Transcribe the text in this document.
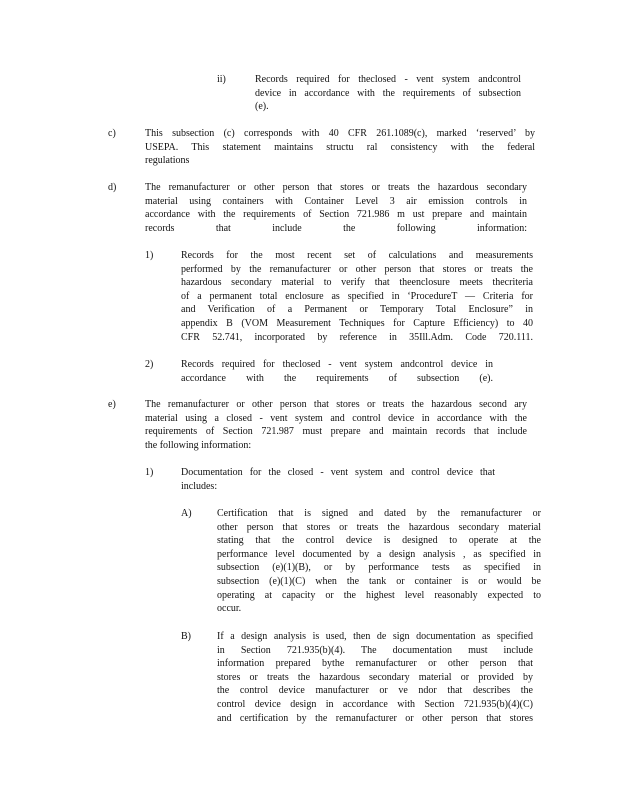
ii)	Records required for theclosed - vent system andcontrol
device in accordance with the requirements of subsection
(e).
c)	This subsection (c) corresponds with 40 CFR 261.1089(c), marked ‘reserved’ by
USEPA. This statement maintains structu ral consistency with the federal
regulations
d)	The remanufacturer or other person that stores or treats the hazardous secondary
material using containers with Container Level 3 air emission controls in
accordance with the requirements of Section 721.986 m ust prepare and maintain
records that include the following information:
1)	Records for the most recent set of calculations and measurements
performed by the remanufacturer or other person that stores or treats the
hazardous secondary material to verify that theenclosure meets thecriteria
of a permanent total enclosure as specified in ‘ProcedureT — Criteria for
and Verification of a Permanent or Temporary Total Enclosure” in
appendix B (VOM Measurement Techniques for Capture Efficiency) to 40
CFR 52.741, incorporated by reference in 35Ill.Adm. Code 720.111.
2)	Records required for theclosed - vent system andcontrol device in
accordance with the requirements of subsection (e).
e)	The remanufacturer or other person that stores or treats the hazardous second ary
material using a closed - vent system and control device in accordance with the
requirements of Section 721.987 must prepare and maintain records that include
the following information:
1)	Documentation for the closed - vent system and control device that
includes:
A)	Certification that is signed and dated by the remanufacturer or
other person that stores or treats the hazardous secondary material
stating that the control device is designed to operate at the
performance level documented by a design analysis , as specified in
subsection (e)(1)(B), or by performance tests as specified in
subsection (e)(1)(C) when the tank or container is or would be
operating at capacity or the highest level reasonably expected to
occur.
B)	If a design analysis is used, then de sign documentation as specified
in Section 721.935(b)(4). The documentation must include
information prepared bythe remanufacturer or other person that
stores or treats the hazardous secondary material or provided by
the control device manufacturer or ve ndor that describes the
control device design in accordance with Section 721.935(b)(4)(C)
and certification by the remanufacturer or other person that stores
